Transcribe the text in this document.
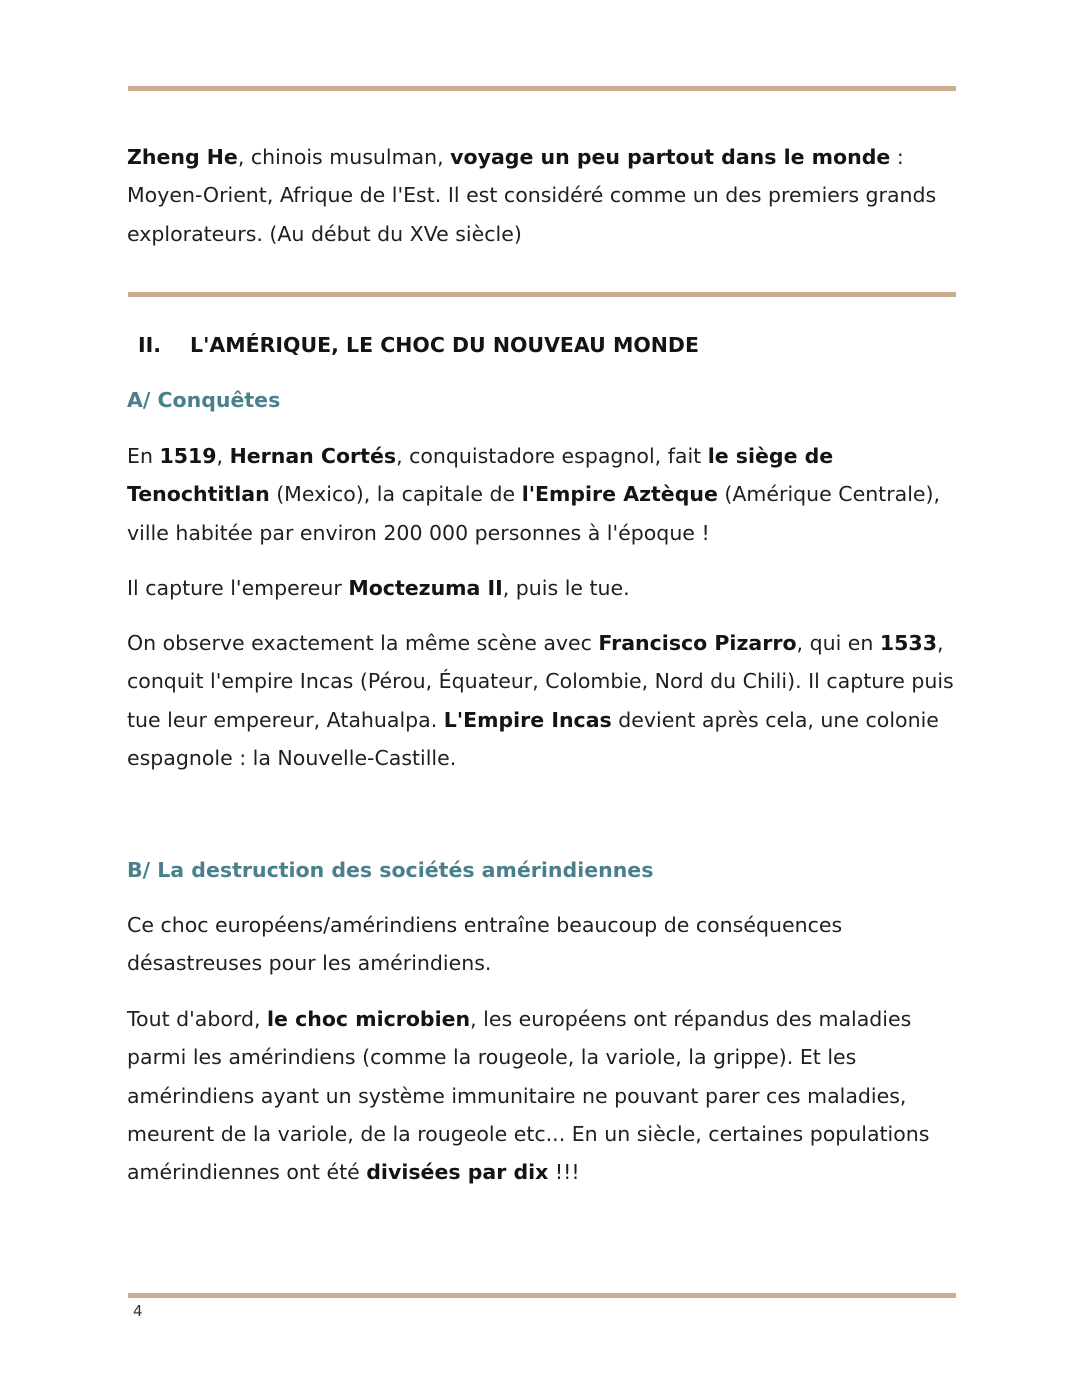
Zheng He, chinois musulman, voyage un peu partout dans le monde : Moyen-Orient, Afrique de l'Est. Il est considéré comme un des premiers grands explorateurs. (Au début du XVe siècle)

II. L'AMÉRIQUE, LE CHOC DU NOUVEAU MONDE
A/ Conquêtes

En 1519, Hernan Cortés, conquistadore espagnol, fait le siège de Tenochtitlan (Mexico), la capitale de l'Empire Aztèque (Amérique Centrale), ville habitée par environ 200 000 personnes à l'époque !

Il capture l'empereur Moctezuma II, puis le tue.

On observe exactement la même scène avec Francisco Pizarro, qui en 1533, conquit l'empire Incas (Pérou, Équateur, Colombie, Nord du Chili). Il capture puis tue leur empereur, Atahualpa. L'Empire Incas devient après cela, une colonie espagnole : la Nouvelle-Castille.

B/ La destruction des sociétés amérindiennes

Ce choc européens/amérindiens entraîne beaucoup de conséquences désastreuses pour les amérindiens.

Tout d'abord, le choc microbien, les européens ont répandus des maladies parmi les amérindiens (comme la rougeole, la variole, la grippe). Et les amérindiens ayant un système immunitaire ne pouvant parer ces maladies, meurent de la variole, de la rougeole etc... En un siècle, certaines populations amérindiennes ont été divisées par dix !!!

4
